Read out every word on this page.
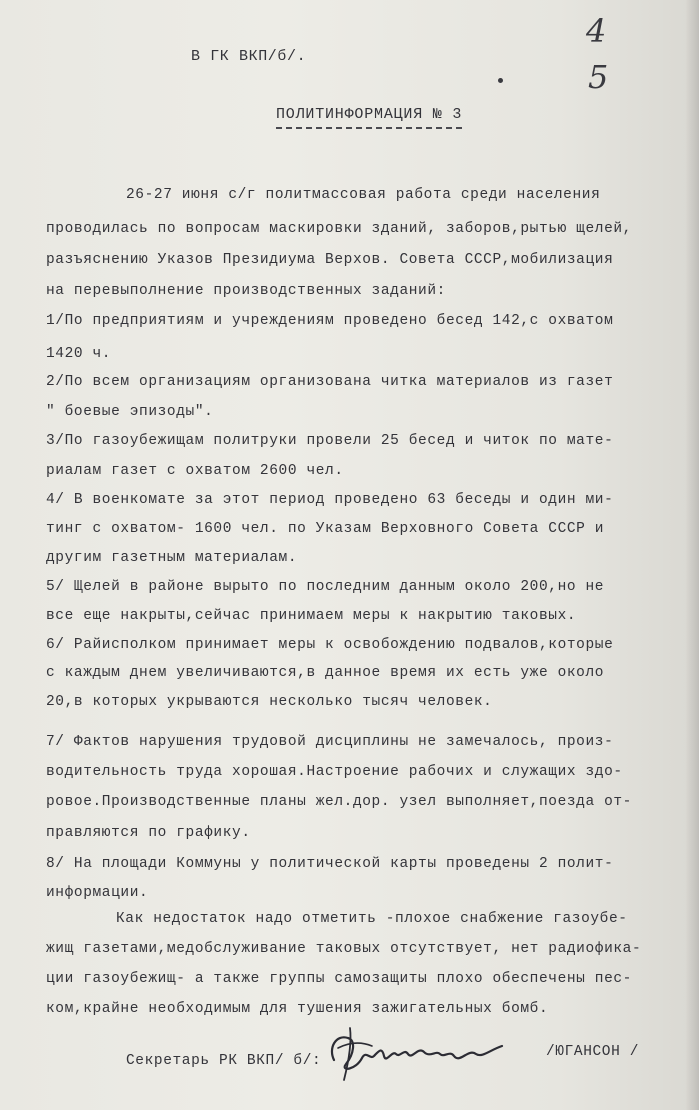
4
5
В ГК ВКП/б/.
ПОЛИТИНФОРМАЦИЯ № 3
26-27 июня с/г политмассовая работа среди населения
проводилась по вопросам маскировки зданий, заборов,рытью щелей,
разъяснению Указов Президиума Верхов. Совета СССР,мобилизация
на перевыполнение производственных заданий:
1/По предприятиям и учреждениям проведено бесед 142,с охватом
1420 ч.
2/По всем организациям организована читка материалов из газет
" боевые эпизоды".
3/По газоубежищам политруки провели 25 бесед и читок по мате-
риалам газет с охватом 2600 чел.
4/ В военкомате за этот период проведено 63 беседы и один ми-
тинг с охватом- 1600 чел. по Указам Верховного Совета СССР и
другим газетным материалам.
5/ Щелей в районе вырыто по последним данным около 200,но не
все еще накрыты,сейчас принимаем меры к накрытию таковых.
6/ Райисполком принимает меры к освобождению подвалов,которые
с каждым днем увеличиваются,в данное время их есть уже около
20,в которых укрываются несколько тысяч человек.
7/ Фактов нарушения трудовой дисциплины не замечалось, произ-
водительность труда хорошая.Настроение рабочих и служащих здо-
ровое.Производственные планы жел.дор. узел выполняет,поезда от-
правляются по графику.
8/ На площади Коммуны у политической карты проведены 2 полит-
информации.
Как недостаток надо отметить -плохое снабжение газоубе-
жищ газетами,медобслуживание таковых отсутствует, нет радиофика-
ции газоубежищ- а также группы самозащиты плохо обеспечены пес-
ком,крайне необходимым для тушения зажигательных бомб.
Секретарь РК ВКП/ б/:
/ЮГАНСОН /
